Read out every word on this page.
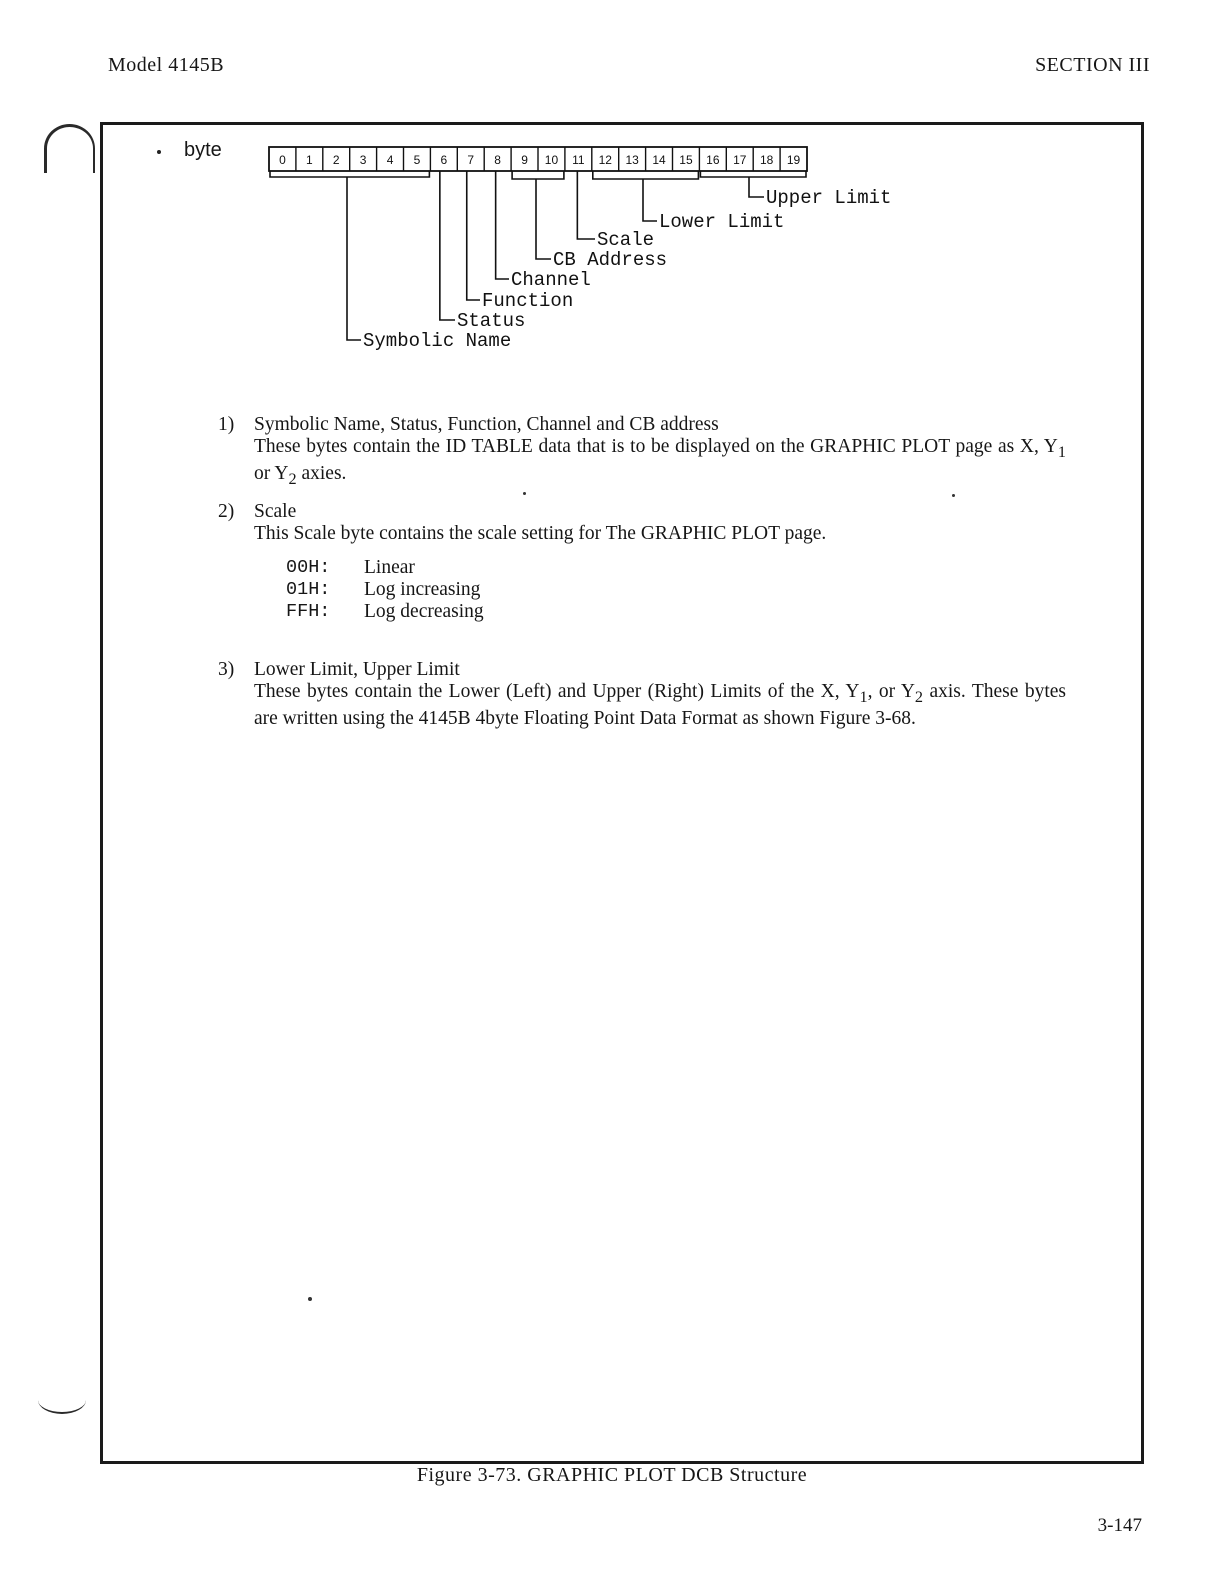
Model 4145B	SECTION III
byte	0 1 2 3 4 5 6 7 8 9 10 11 12 13 14 15 16 17 18 19
Upper Limit
Lower Limit
Scale
CB Address
Channel
Function
Status
Symbolic Name
1) Symbolic Name, Status, Function, Channel and CB address

These bytes contain the ID TABLE data that is to be displayed on the GRAPHIC PLOT page as X, $Y_1$ or $Y_2$ axies.

2) Scale

This Scale byte contains the scale setting for The GRAPHIC PLOT page.

00H:	Linear
01H:	Log increasing
FFH:	Log decreasing
3) Lower Limit, Upper Limit

These bytes contain the Lower (Left) and Upper (Right) Limits of the X, $Y_1$, or $Y_2$ axis. These bytes are written using the 4145B 4byte Floating Point Data Format as shown Figure 3-68.

Figure 3-73. GRAPHIC PLOT DCB Structure
3-147
